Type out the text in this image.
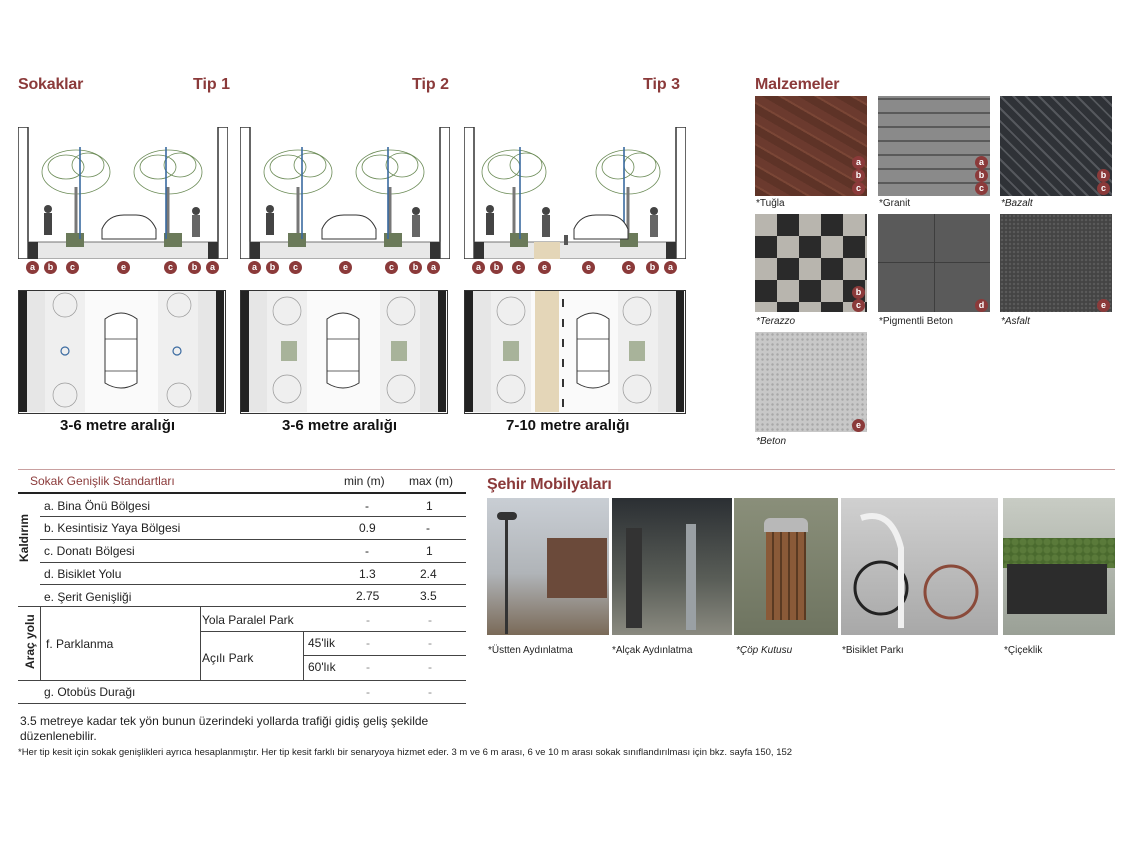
Sokaklar	Tip 1	Tip 2	Tip 3
a	b	c	e	c	b	a	a	b	c	e	c	b	a	a	b	c	e	e	c	b	a
3-6 metre aralığı	3-6 metre aralığı	7-10 metre aralığı
Malzemeler
a
b
c
*Tuğla
a
b
c
*Granit
b
c
*Bazalt
b
c
*Terazzo
d
*Pigmentli Beton
e
*Asfalt
e
*Beton
Sokak Genişlik Standartları	min (m) max (m)
Kaldırım
Araç yolu
a. Bina Önü Bölgesi	-	1
b. Kesintisiz Yaya Bölgesi	0.9	-
c. Donatı Bölgesi	-	1
d. Bisiklet Yolu	1.3	2.4
e. Şerit Genişliği	2.75	3.5
f. Parklanma
Yola Paralel Park	-	-
Açılı Park
45'lik	-	-
60'lık	-	-
g. Otobüs Durağı	-	-
Şehir Mobilyaları
*Üstten Aydınlatma	*Alçak Aydınlatma	*Çöp Kutusu	*Bisiklet Parkı	*Çiçeklik
3.5 metreye kadar tek yön bunun üzerindeki yollarda trafiği gidiş geliş şekilde düzenlenebilir.
*Her tip kesit için sokak genişlikleri ayrıca hesaplanmıştır. Her tip kesit farklı bir senaryoya hizmet eder. 3 m ve 6 m arası, 6 ve 10 m arası sokak sınıflandırılması için bkz. sayfa 150, 152
